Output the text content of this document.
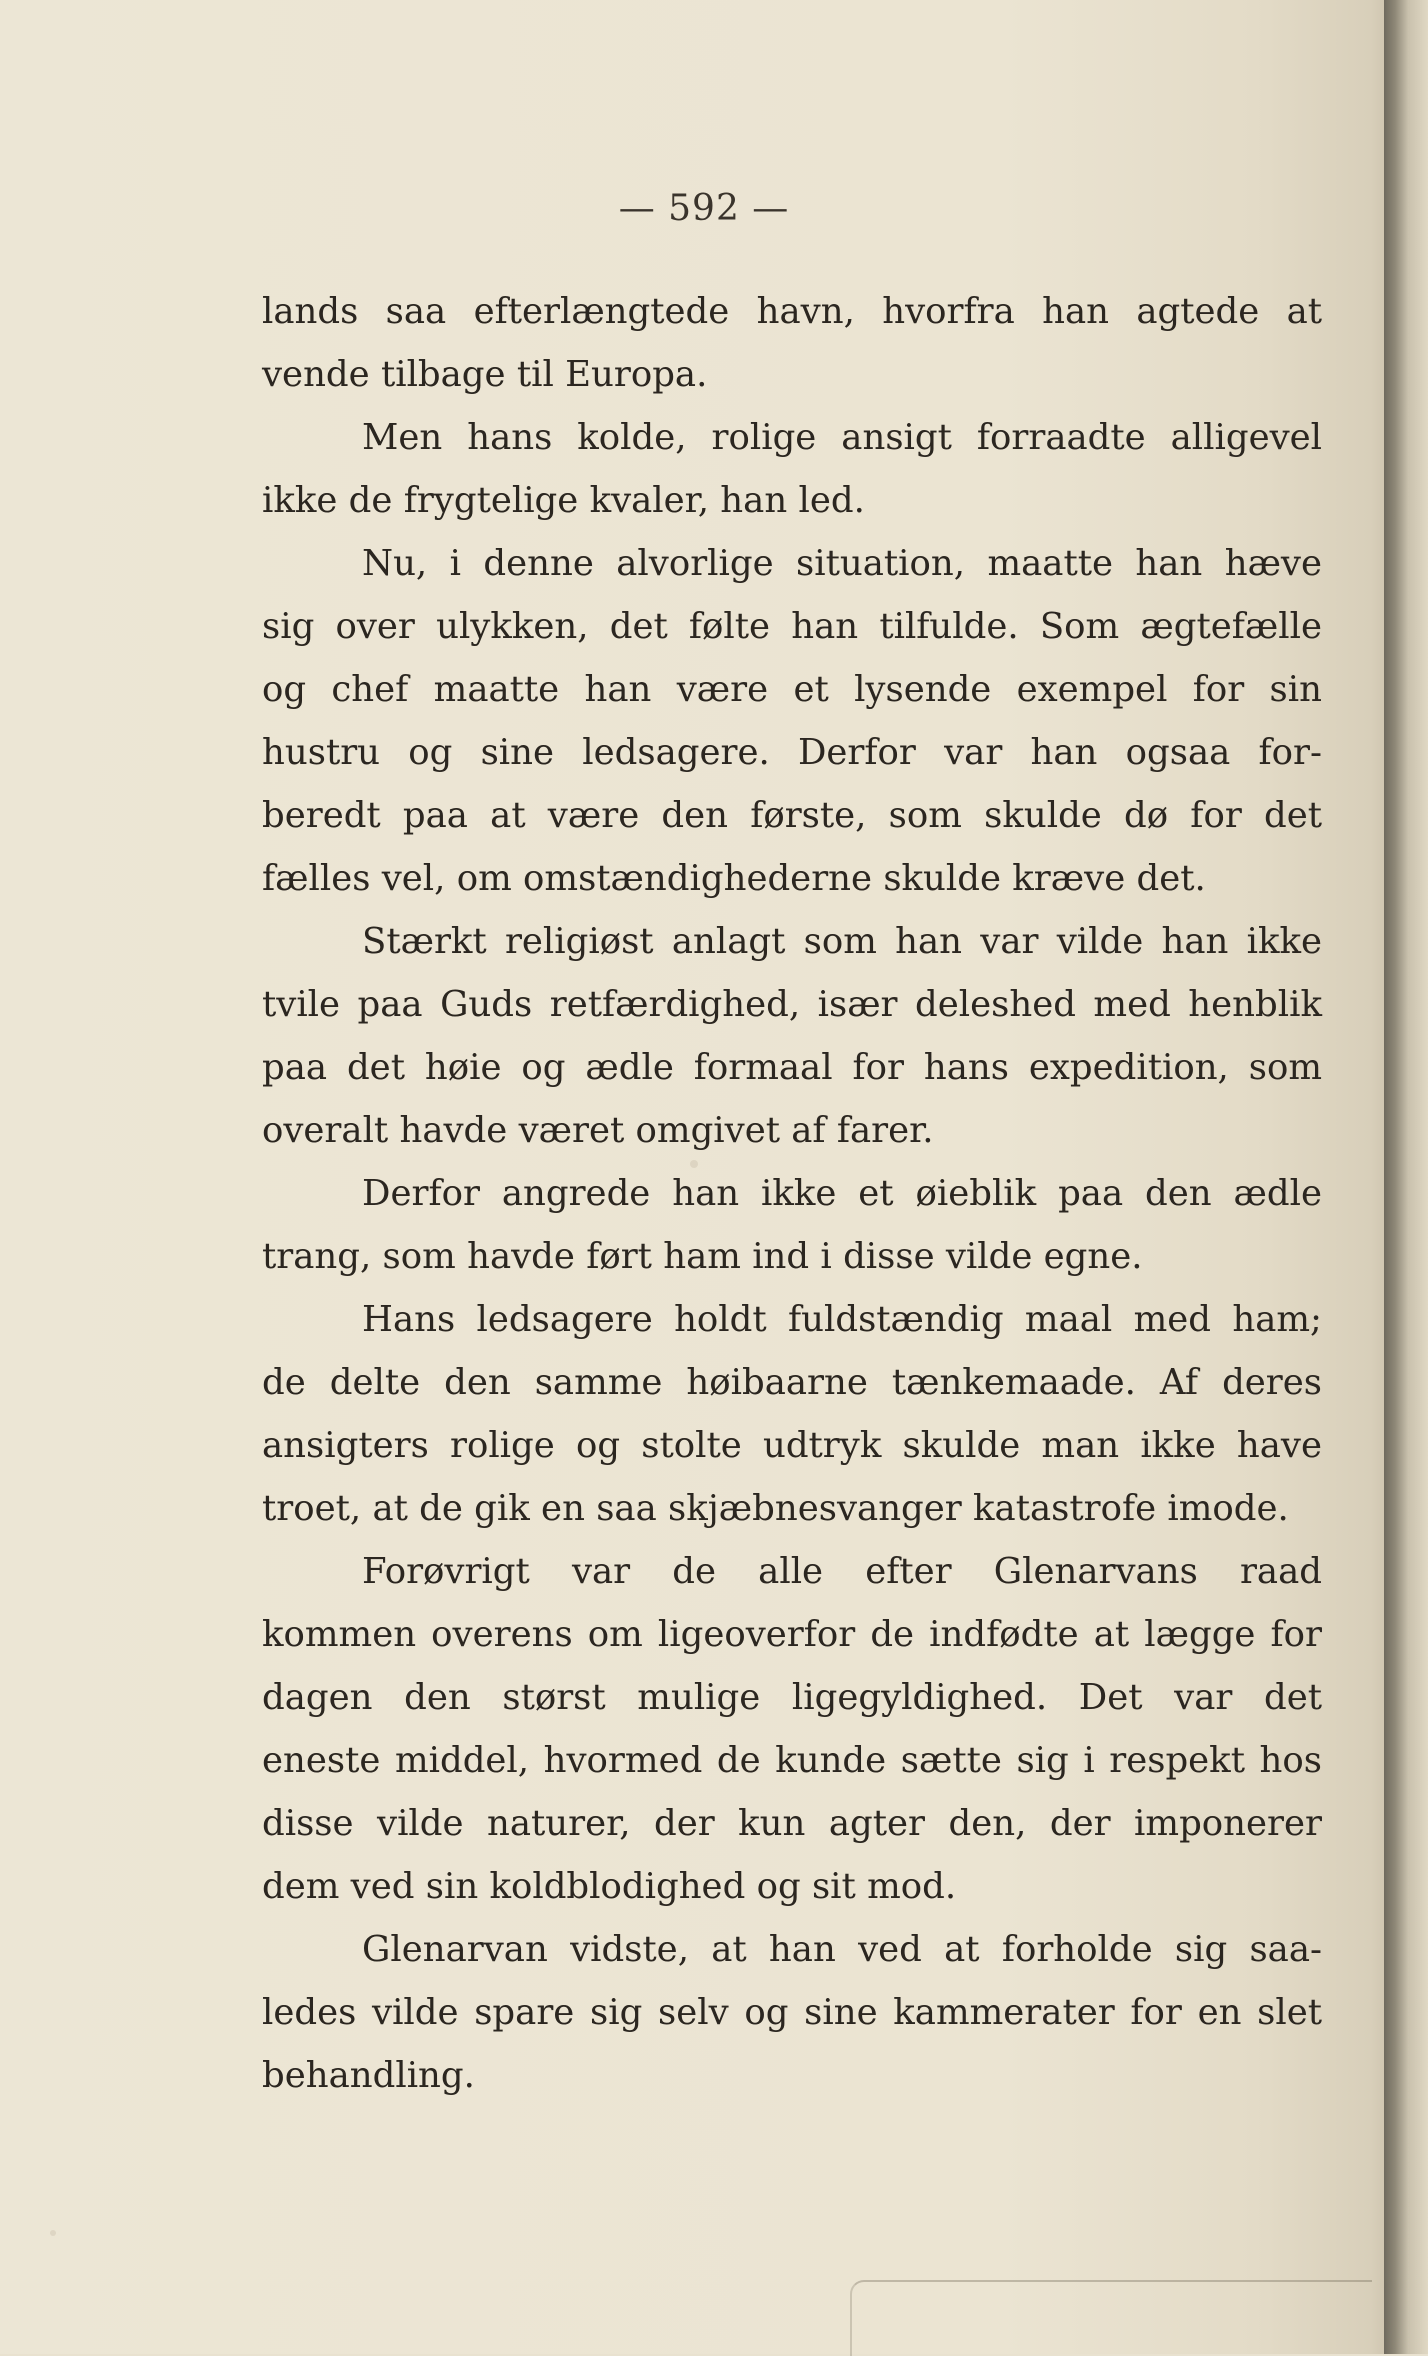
— 592 —
lands saa efterlængtede havn, hvorfra han agtede at
vende tilbage til Europa.
Men hans kolde, rolige ansigt forraadte alligevel
ikke de frygtelige kvaler, han led.
Nu, i denne alvorlige situation, maatte han hæve
sig over ulykken, det følte han tilfulde. Som ægtefælle
og chef maatte han være et lysende exempel for sin
hustru og sine ledsagere. Derfor var han ogsaa for-
beredt paa at være den første, som skulde dø for det
fælles vel, om omstændighederne skulde kræve det.
Stærkt religiøst anlagt som han var vilde han ikke
tvile paa Guds retfærdighed, især deleshed med henblik
paa det høie og ædle formaal for hans expedition, som
overalt havde været omgivet af farer.
Derfor angrede han ikke et øieblik paa den ædle
trang, som havde ført ham ind i disse vilde egne.
Hans ledsagere holdt fuldstændig maal med ham;
de delte den samme høibaarne tænkemaade. Af deres
ansigters rolige og stolte udtryk skulde man ikke have
troet, at de gik en saa skjæbnesvanger katastrofe imode.
Forøvrigt var de alle efter Glenarvans raad
kommen overens om ligeoverfor de indfødte at lægge for
dagen den størst mulige ligegyldighed. Det var det
eneste middel, hvormed de kunde sætte sig i respekt hos
disse vilde naturer, der kun agter den, der imponerer
dem ved sin koldblodighed og sit mod.
Glenarvan vidste, at han ved at forholde sig saa-
ledes vilde spare sig selv og sine kammerater for en slet
behandling.
